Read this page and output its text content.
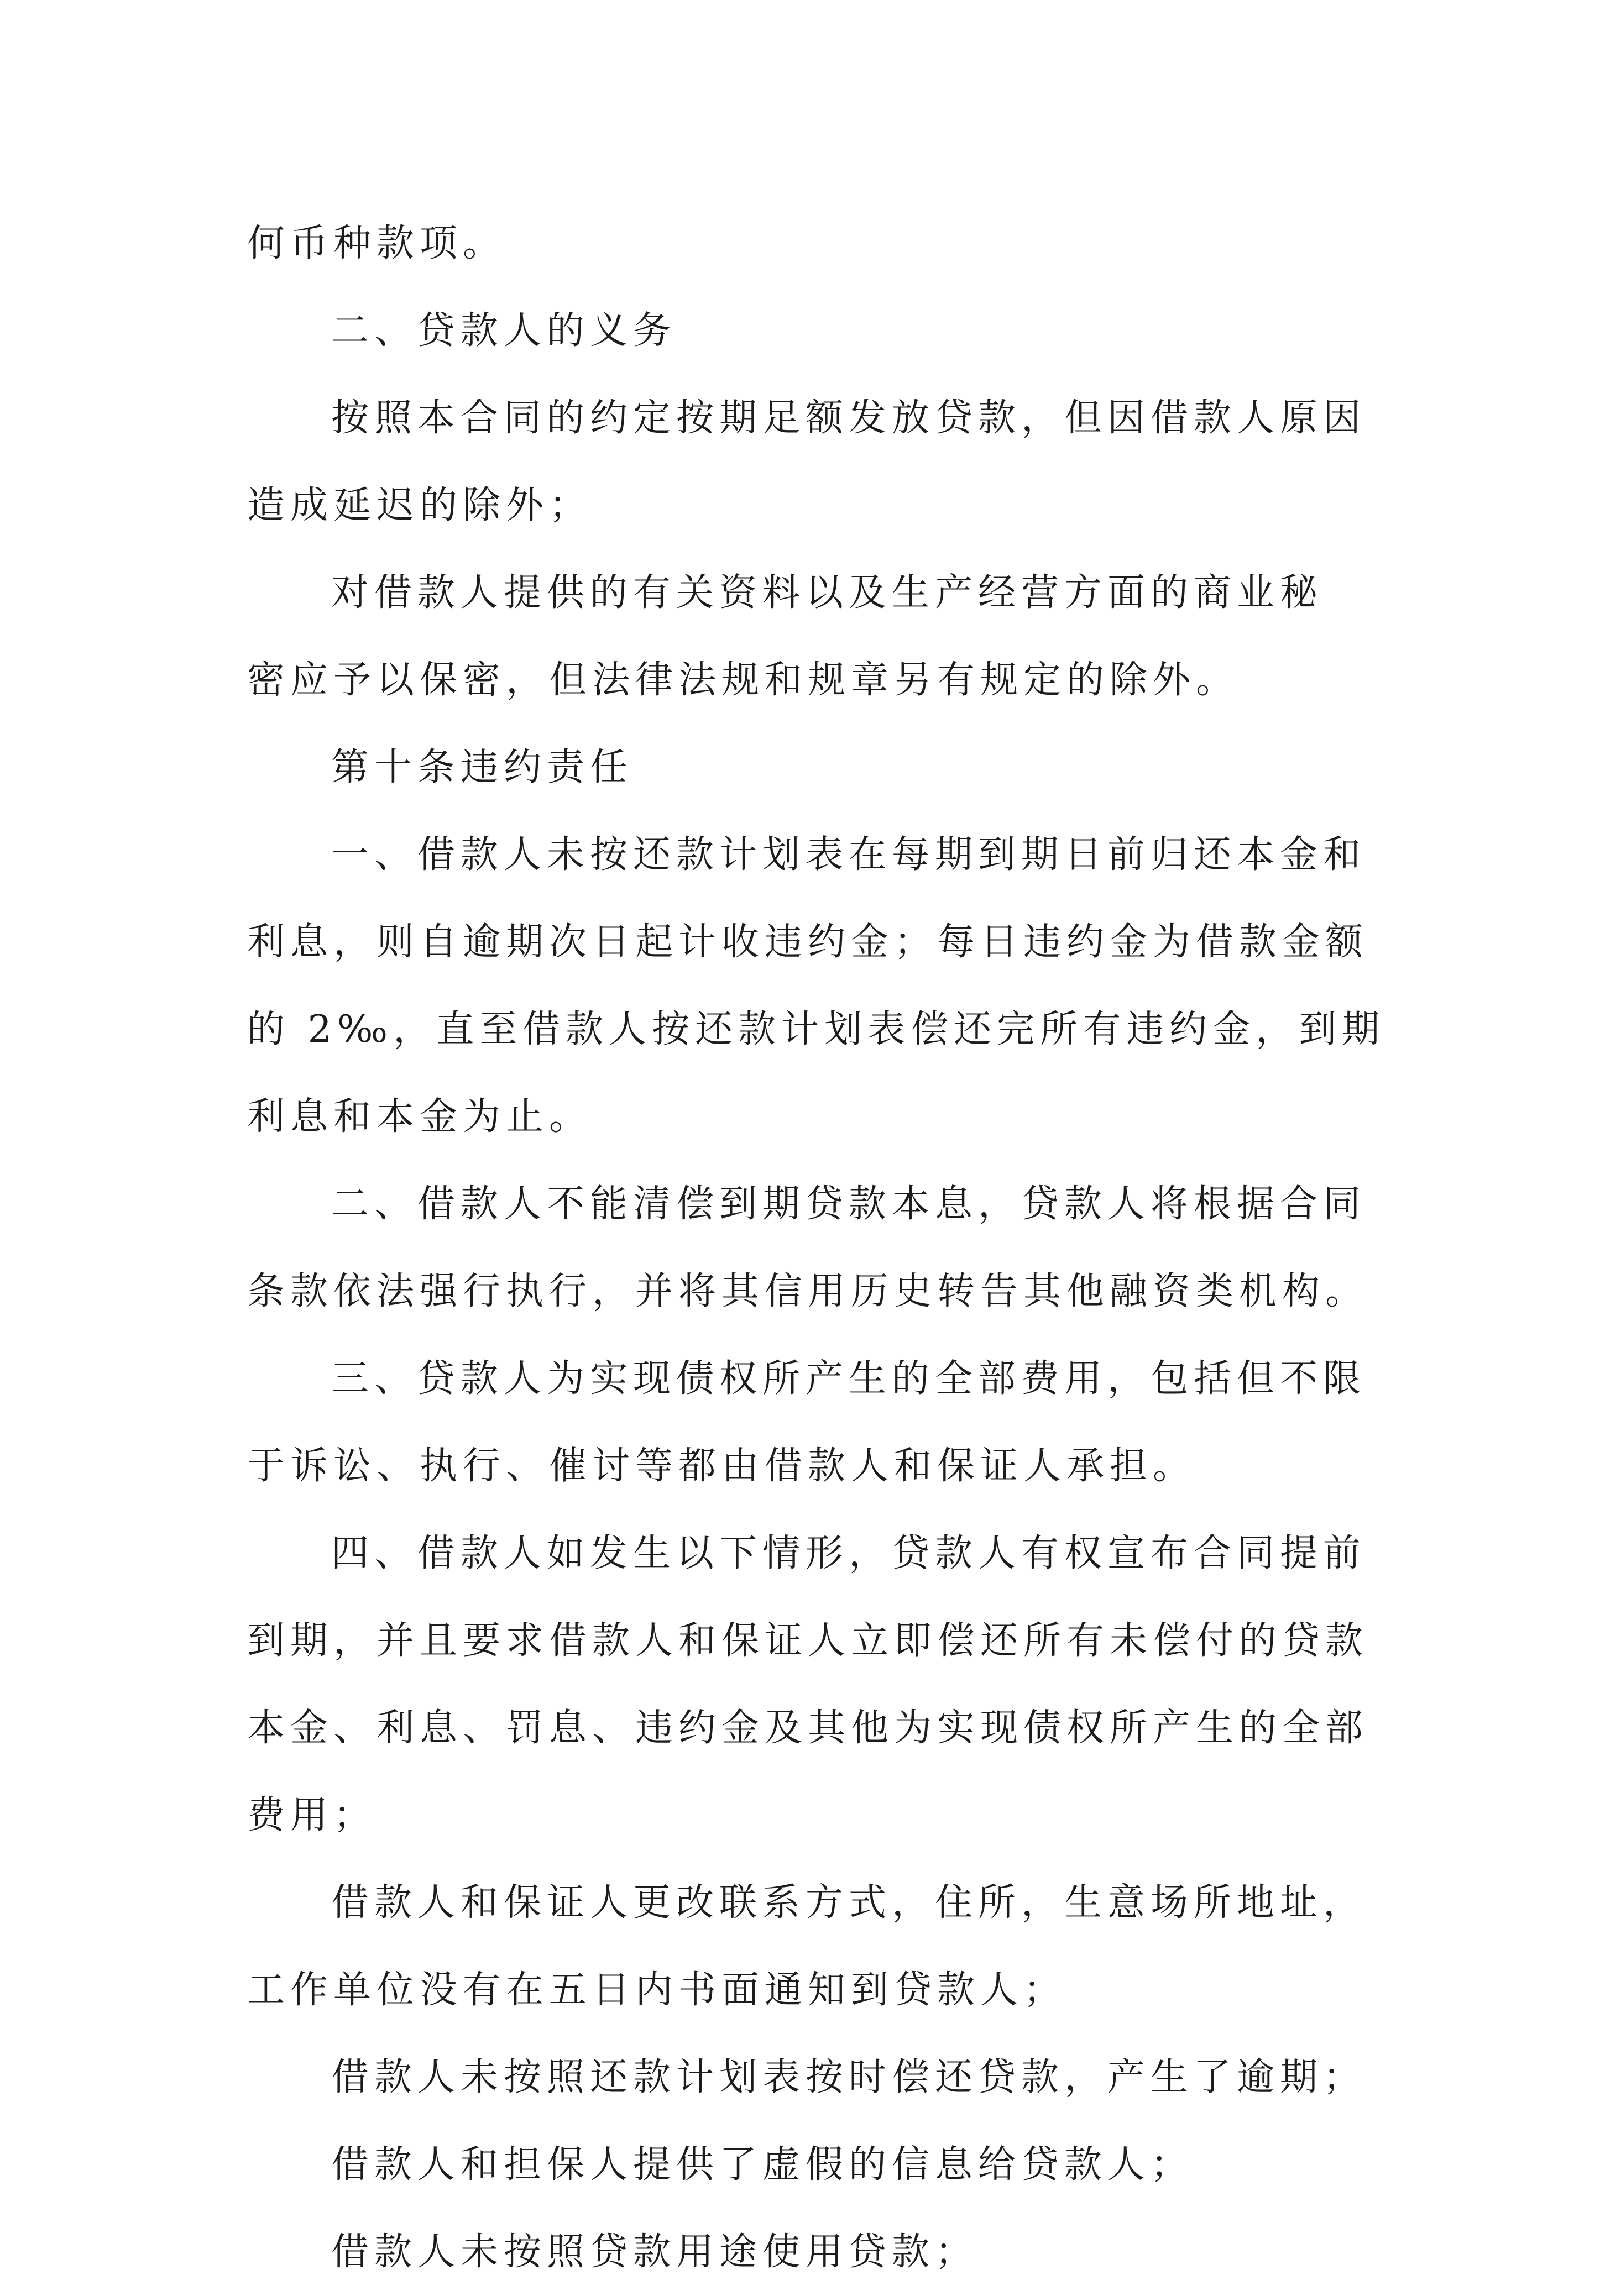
何币种款项。
二、贷款人的义务
按照本合同的约定按期足额发放贷款，但因借款人原因
造成延迟的除外；
对借款人提供的有关资料以及生产经营方面的商业秘
密应予以保密，但法律法规和规章另有规定的除外。
第十条违约责任
一、借款人未按还款计划表在每期到期日前归还本金和
利息，则自逾期次日起计收违约金；每日违约金为借款金额
的 2‰，直至借款人按还款计划表偿还完所有违约金，到期
利息和本金为止。
二、借款人不能清偿到期贷款本息，贷款人将根据合同
条款依法强行执行，并将其信用历史转告其他融资类机构。
三、贷款人为实现债权所产生的全部费用，包括但不限
于诉讼、执行、催讨等都由借款人和保证人承担。
四、借款人如发生以下情形，贷款人有权宣布合同提前
到期，并且要求借款人和保证人立即偿还所有未偿付的贷款
本金、利息、罚息、违约金及其他为实现债权所产生的全部
费用；
借款人和保证人更改联系方式，住所，生意场所地址，
工作单位没有在五日内书面通知到贷款人；
借款人未按照还款计划表按时偿还贷款，产生了逾期；
借款人和担保人提供了虚假的信息给贷款人；
借款人未按照贷款用途使用贷款；
